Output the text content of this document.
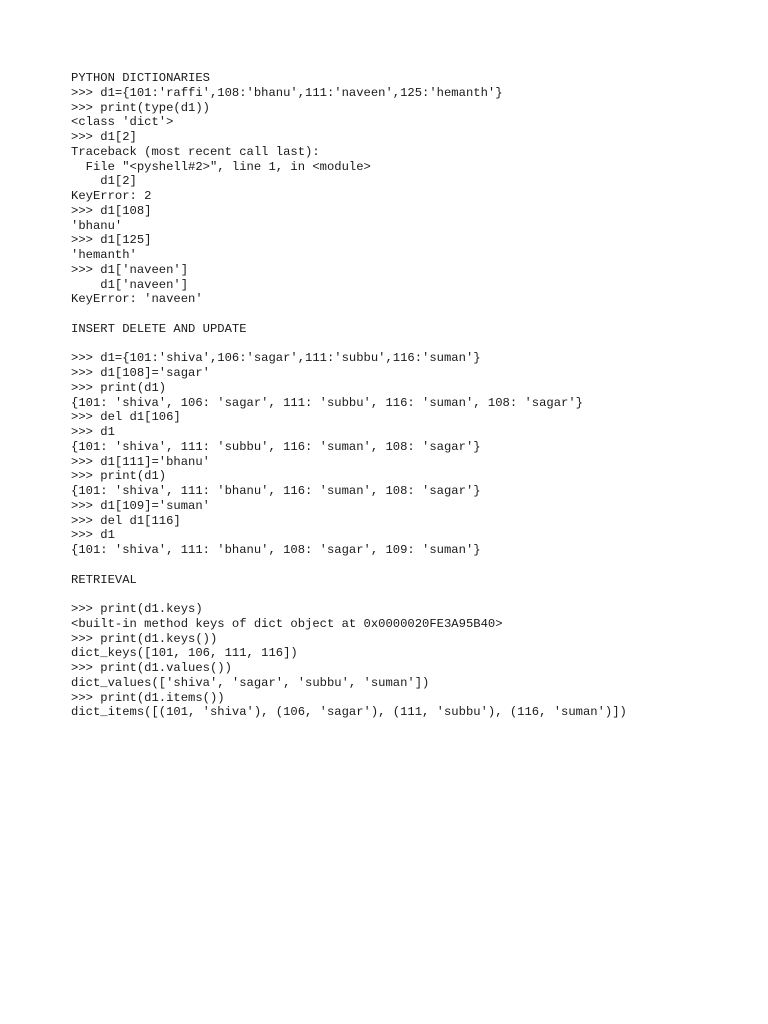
PYTHON DICTIONARIES
>>> d1={101:'raffi',108:'bhanu',111:'naveen',125:'hemanth'}
>>> print(type(d1))
<class 'dict'>
>>> d1[2]
Traceback (most recent call last):
File "<pyshell#2>", line 1, in <module>
d1[2]
KeyError: 2
>>> d1[108]
'bhanu'
>>> d1[125]
'hemanth'
>>> d1['naveen']
d1['naveen']
KeyError: 'naveen'
INSERT DELETE AND UPDATE
>>> d1={101:'shiva',106:'sagar',111:'subbu',116:'suman'}
>>> d1[108]='sagar'
>>> print(d1)
{101: 'shiva', 106: 'sagar', 111: 'subbu', 116: 'suman', 108: 'sagar'}
>>> del d1[106]
>>> d1
{101: 'shiva', 111: 'subbu', 116: 'suman', 108: 'sagar'}
>>> d1[111]='bhanu'
>>> print(d1)
{101: 'shiva', 111: 'bhanu', 116: 'suman', 108: 'sagar'}
>>> d1[109]='suman'
>>> del d1[116]
>>> d1
{101: 'shiva', 111: 'bhanu', 108: 'sagar', 109: 'suman'}
RETRIEVAL
>>> print(d1.keys)
<built-in method keys of dict object at 0x0000020FE3A95B40>
>>> print(d1.keys())
dict_keys([101, 106, 111, 116])
>>> print(d1.values())
dict_values(['shiva', 'sagar', 'subbu', 'suman'])
>>> print(d1.items())
dict_items([(101, 'shiva'), (106, 'sagar'), (111, 'subbu'), (116, 'suman')])
